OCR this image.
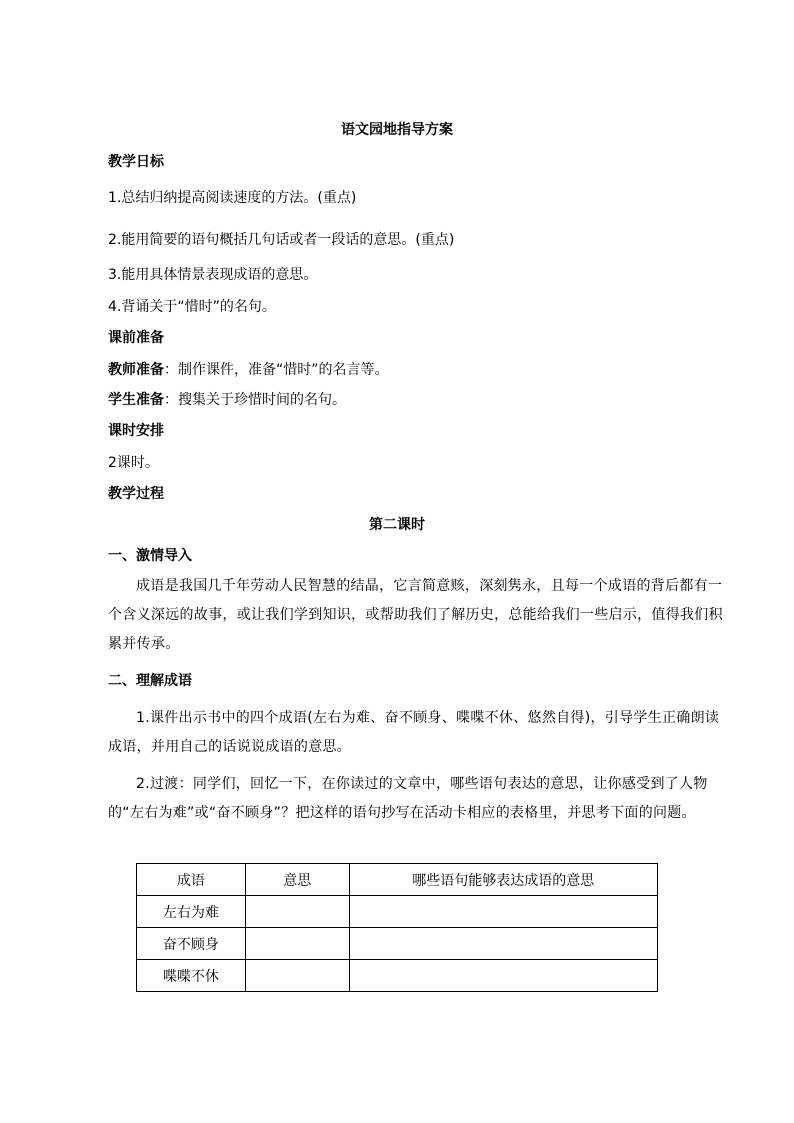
语文园地指导方案
教学日标
1.总结归纳提高阅读速度的方法。(重点)
2.能用简要的语句概括几句话或者一段话的意思。(重点)
3.能用具体情景表现成语的意思。
4.背诵关于“惜时”的名句。
课前准备
教师准备：制作课件，准备“惜时”的名言等。
学生准备：搜集关于珍惜时间的名句。
课时安排
2课时。
教学过程
第二课时
一、激情导入
成语是我国几千年劳动人民智慧的结晶，它言简意赅，深刻隽永，且每一个成语的背后都有一个含义深远的故事，或让我们学到知识，或帮助我们了解历史，总能给我们一些启示，值得我们积累并传承。
二、理解成语
1.课件出示书中的四个成语(左右为难、奋不顾身、喋喋不休、悠然自得)，引导学生正确朗读成语，并用自己的话说说成语的意思。
2.过渡：同学们，回忆一下，在你读过的文章中，哪些语句表达的意思，让你感受到了人物的“左右为难”或“奋不顾身”？把这样的语句抄写在活动卡相应的表格里，并思考下面的问题。
成语	意思	哪些语句能够表达成语的意思
左右为难		
奋不顾身		
喋喋不休		
